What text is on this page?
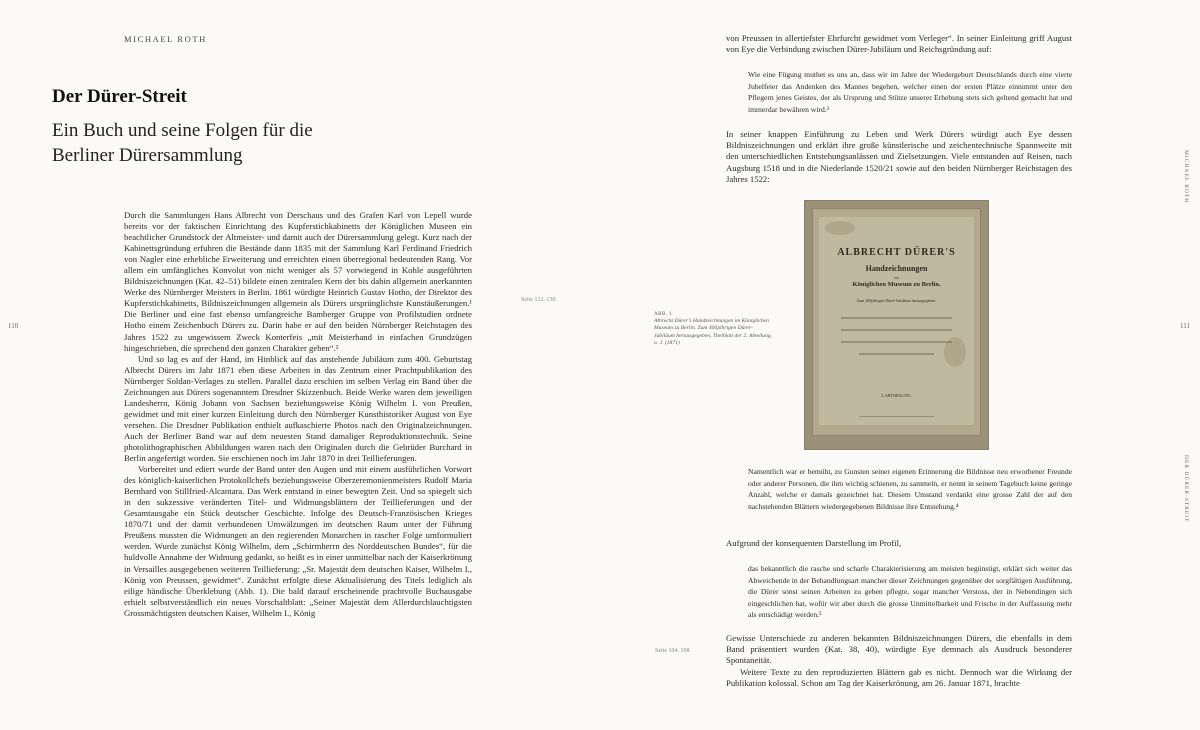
MICHAEL ROTH
Der Dürer-Streit
Ein Buch und seine Folgen für die Berliner Dürersammlung
110
Seite 122–130

Durch die Sammlungen Hans Albrecht von Derschaus und des Grafen Karl von Lepell wurde bereits vor der faktischen Einrichtung des Kupferstichkabinetts der Königlichen Museen ein beachtlicher Grundstock der Altmeister- und damit auch der Dürersammlung gelegt. Kurz nach der Kabinettsgründung erfuhren die Bestände dann 1835 mit der Sammlung Karl Ferdinand Friedrich von Nagler eine erhebliche Erweiterung und erreichten einen überregional bedeutenden Rang. Vor allem ein umfängliches Konvolut von nicht weniger als 57 vorwiegend in Kohle ausgeführten Bildniszeichnungen (Kat. 42–51) bildete einen zentralen Kern der bis dahin allgemein anerkannten Werke des Nürnberger Meisters in Berlin. 1861 würdigte Heinrich Gustav Hotho, der Direktor des Kupferstichkabinetts, Bildniszeichnungen allgemein als Dürers ursprünglichste Kunstäußerungen.¹ Die Berliner und eine fast ebenso umfangreiche Bamberger Gruppe von Profilstudien ordnete Hotho einem Zeichenbuch Dürers zu. Darin habe er auf den beiden Nürnberger Reichstagen des Jahres 1522 zu ungewissem Zweck Konterfeis „mit Meisterhand in einfachen Grundzügen hingeschrieben, die sprechend den ganzen Charakter geben“.²

Und so lag es auf der Hand, im Hinblick auf das anstehende Jubiläum zum 400. Geburtstag Albrecht Dürers im Jahr 1871 eben diese Arbeiten in das Zentrum einer Prachtpublikation des Nürnberger Soldan-Verlages zu stellen. Parallel dazu erschien im selben Verlag ein Band über die Zeichnungen aus Dürers sogenanntem Dresdner Skizzenbuch. Beide Werke waren dem jeweiligen Landesherrn, König Johann von Sachsen beziehungsweise König Wilhelm I. von Preußen, gewidmet und mit einer kurzen Einleitung durch den Nürnberger Kunsthistoriker August von Eye versehen. Die Dresdner Publikation enthielt aufkaschierte Photos nach den Originalzeichnungen. Auch der Berliner Band war auf dem neuesten Stand damaliger Reproduktionstechnik. Seine photolithographischen Abbildungen waren nach den Originalen durch die Gebrüder Burchard in Berlin angefertigt worden. Sie erschienen noch im Jahr 1870 in drei Teillieferungen.

Vorbereitet und ediert wurde der Band unter den Augen und mit einem ausführlichen Vorwort des königlich-kaiserlichen Protokollchefs beziehungsweise Oberzeremonienmeisters Rudolf Maria Bernhard von Stillfried-Alcantara. Das Werk entstand in einer bewegten Zeit. Und so spiegelt sich in den sukzessive veränderten Titel- und Widmungsblättern der Teillieferungen und der Gesamtausgabe ein Stück deutscher Geschichte. Infolge des Deutsch-Französischen Krieges 1870/71 und der damit verbundenen Umwälzungen im deutschen Raum unter der Führung Preußens mussten die Widmungen an den regierenden Monarchen in rascher Folge umformuliert werden. Wurde zunächst König Wilhelm, dem „Schirmherrn des Norddeutschen Bundes“, für die huldvolle Annahme der Widmung gedankt, so heißt es in einer unmittelbar nach der Kaiserkrönung in Versailles ausgegebenen weiteren Teillieferung: „Sr. Majestät dem deutschen Kaiser, Wilhelm I., König von Preussen, gewidmet“. Zunächst erfolgte diese Aktualisierung des Titels lediglich als eilige händische Überklebung (Abb. 1). Die bald darauf erscheinende prachtvolle Buchausgabe erhielt selbstverständlich ein neues Vorschaltblatt: „Seiner Majestät dem Allerdurchlauchtigsten Grossmächtigsten deutschen Kaiser, Wilhelm I., König

von Preussen in allertiefster Ehrfurcht gewidmet vom Verleger“. In seiner Einleitung griff August von Eye die Verbindung zwischen Dürer-Jubiläum und Reichsgründung auf:
Wie eine Fügung muthet es uns an, dass wir im Jahre der Wiedergeburt Deutschlands durch eine vierte Jubelfeier das Andenken des Mannes begehen, welcher einen der ersten Plätze einnimmt unter den Pflegern jenes Geistes, der als Ursprung und Stütze unserer Erhebung stets sich geltend gemacht hat und immerdar bewähren wird.³
In seiner knappen Einführung zu Leben und Werk Dürers würdigt auch Eye dessen Bildniszeichnungen und erklärt ihre große künstlerische und zeichentechnische Spannweite mit den unterschiedlichen Entstehungsanlässen und Zielsetzungen. Viele entstanden auf Reisen, nach Augsburg 1518 und in die Niederlande 1520/21 sowie auf den beiden Nürnberger Reichstagen des Jahres 1522:
ABB. 1
Albrecht Dürer’s Handzeichnungen im Königlichen Museum zu Berlin. Zum 400jährigen Dürer-Jubiläum herausgegeben, Titelblatt der 2. Abteilung, o. J. (1871)
ALBRECHT DÜRER'S
Handzeichnungen
im
Königlichen Museum zu Berlin.
Zum 400jährigen Dürer-Jubiläum herausgegeben.
2. ABTHEILUNG.
Namentlich war er bemüht, zu Gunsten seiner eigenen Erinnerung die Bildnisse neu erworbener Freunde oder anderer Personen, die ihm wichtig schienen, zu sammeln, er nennt in seinem Tagebuch keine geringe Anzahl, welche er damals gezeichnet hat. Diesem Umstand verdankt eine grosse Zahl der auf den nachstehenden Blättern wiedergegebenen Bildnisse ihre Entstehung.⁴
Aufgrund der konsequenten Darstellung im Profil,
das bekanntlich die rasche und scharfe Charakterisierung am meisten begünstigt, erklärt sich weiter das Abweichende in der Behandlungsart mancher dieser Zeichnungen gegenüber der sorgfältigen Ausführung, die Dürer sonst seinen Arbeiten zu geben pflegte, sogar mancher Verstoss, der in Nebendingen sich eingeschlichen hat, wofür wir aber durch die grosse Unmittelbarkeit und Frische in der Auffassung mehr als entschädigt werden.⁵
Seite 104, 108
Gewisse Unterschiede zu anderen bekannten Bildniszeichnungen Dürers, die ebenfalls in dem Band präsentiert wurden (Kat. 38, 40), würdigte Eye demnach als Ausdruck besonderer Spontaneität.
Weitere Texte zu den reproduzierten Blättern gab es nicht. Dennoch war die Wirkung der Publikation kolossal. Schon am Tag der Kaiserkrönung, am 26. Januar 1871, brachte
111
MICHAEL ROTH
DER DÜRER-STREIT
